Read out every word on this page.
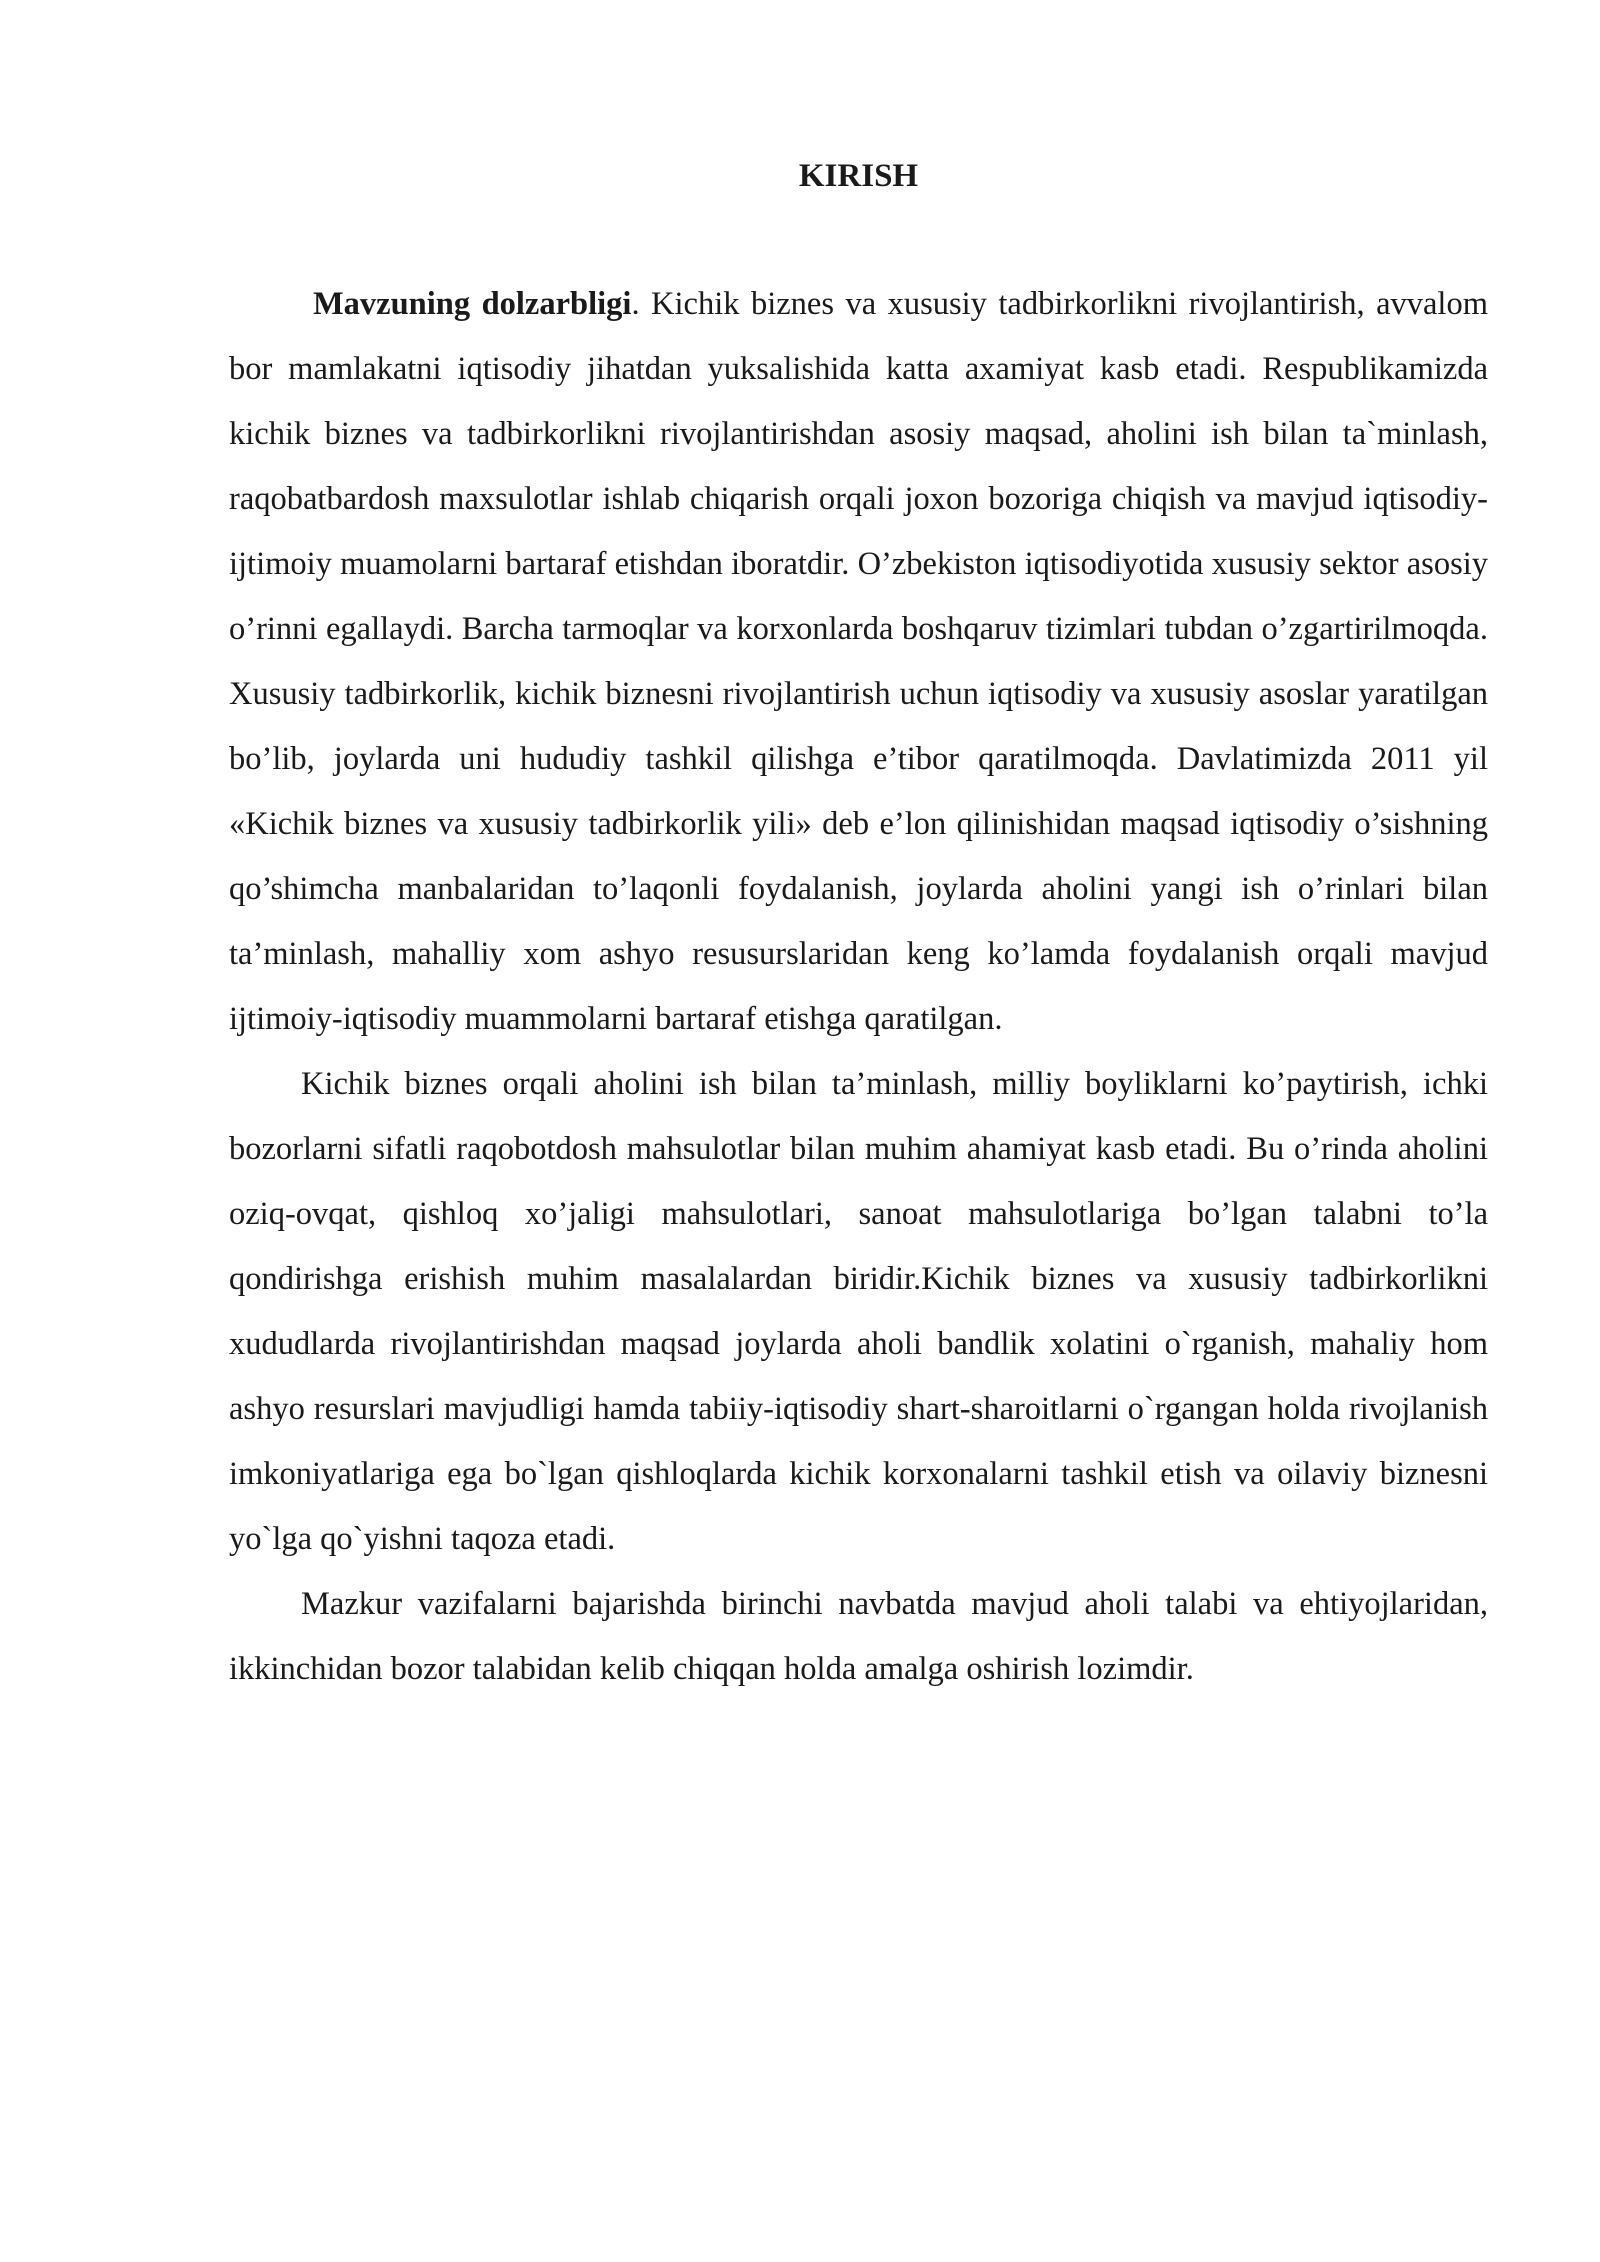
KIRISH

Mavzuning dolzarbligi. Kichik biznes va xususiy tadbirkorlikni rivojlantirish, avvalom bor mamlakatni iqtisodiy jihatdan yuksalishida katta axamiyat kasb etadi. Respublikamizda kichik biznes va tadbirkorlikni rivojlantirishdan asosiy maqsad, aholini ish bilan ta`minlash, raqobatbardosh maxsulotlar ishlab chiqarish orqali joxon bozoriga chiqish va mavjud iqtisodiy-ijtimoiy muamolarni bartaraf etishdan iboratdir. O’zbekiston iqtisodiyotida xususiy sektor asosiy o’rinni egallaydi. Barcha tarmoqlar va korxonlarda boshqaruv tizimlari tubdan o’zgartirilmoqda. Xususiy tadbirkorlik, kichik biznesni rivojlantirish uchun iqtisodiy va xususiy asoslar yaratilgan bo’lib, joylarda uni hududiy tashkil qilishga e’tibor qaratilmoqda. Davlatimizda 2011 yil «Kichik biznes va xususiy tadbirkorlik yili» deb e’lon qilinishidan maqsad iqtisodiy o’sishning qo’shimcha manbalaridan to’laqonli foydalanish, joylarda aholini yangi ish o’rinlari bilan ta’minlash, mahalliy xom ashyo resusurslaridan keng ko’lamda foydalanish orqali mavjud ijtimoiy-iqtisodiy muammolarni bartaraf etishga qaratilgan.

Kichik biznes orqali aholini ish bilan ta’minlash, milliy boyliklarni ko’paytirish, ichki bozorlarni sifatli raqobotdosh mahsulotlar bilan muhim ahamiyat kasb etadi. Bu o’rinda aholini oziq-ovqat, qishloq xo’jaligi mahsulotlari, sanoat mahsulotlariga bo’lgan talabni to’la qondirishga erishish muhim masalalardan biridir.Kichik biznes va xususiy tadbirkorlikni xududlarda rivojlantirishdan maqsad joylarda aholi bandlik xolatini o`rganish, mahaliy hom ashyo resurslari mavjudligi hamda tabiiy-iqtisodiy shart-sharoitlarni o`rgangan holda rivojlanish imkoniyatlariga ega bo`lgan qishloqlarda kichik korxonalarni tashkil etish va oilaviy biznesni yo`lga qo`yishni taqoza etadi.

Mazkur vazifalarni bajarishda birinchi navbatda mavjud aholi talabi va ehtiyojlaridan, ikkinchidan bozor talabidan kelib chiqqan holda amalga oshirish lozimdir.
